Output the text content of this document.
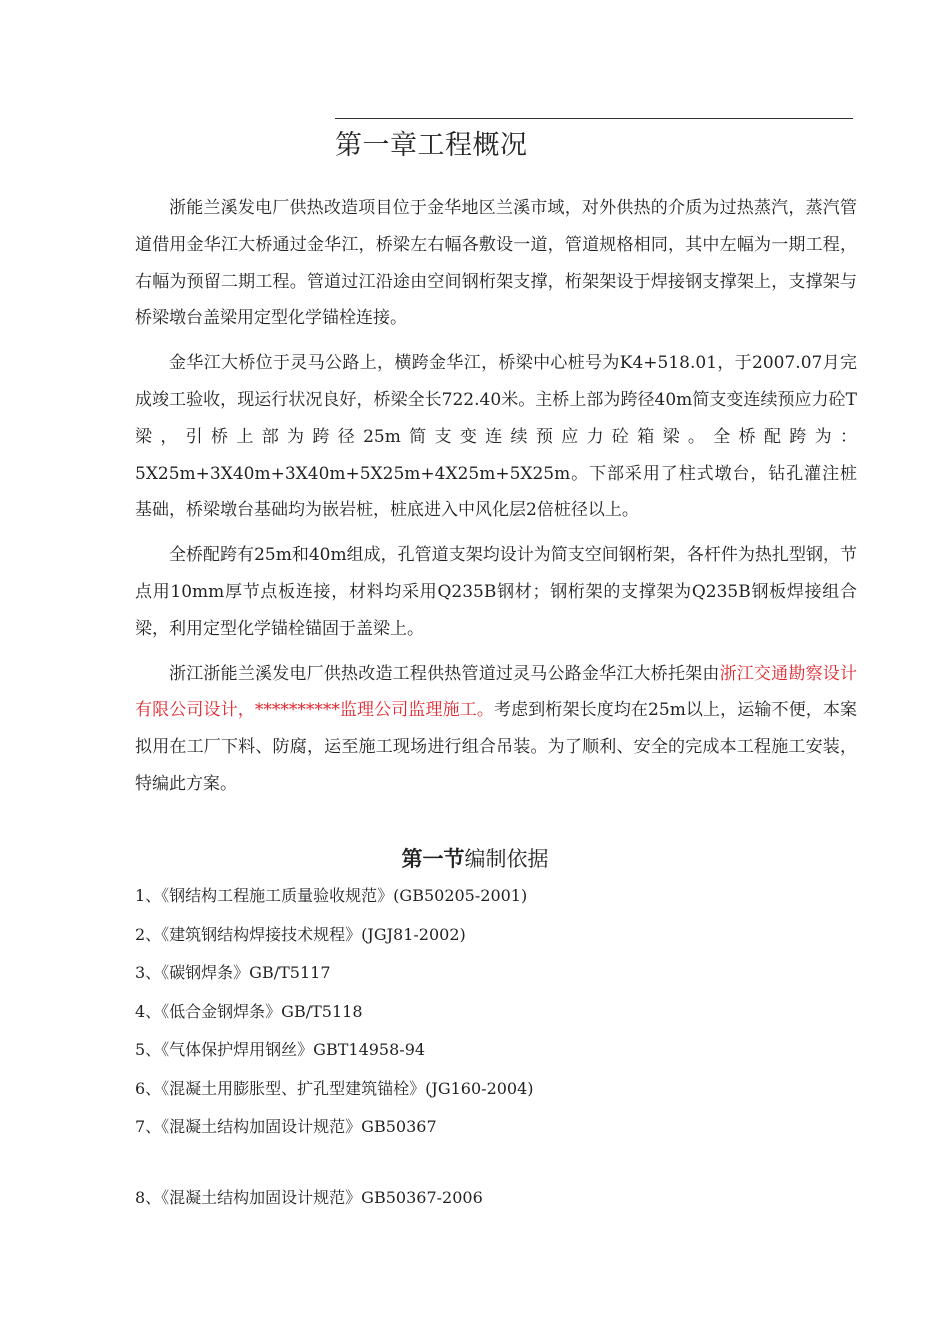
第一章工程概况

浙能兰溪发电厂供热改造项目位于金华地区兰溪市域，对外供热的介质为过热蒸汽，蒸汽管道借用金华江大桥通过金华江，桥梁左右幅各敷设一道，管道规格相同，其中左幅为一期工程，右幅为预留二期工程。管道过江沿途由空间钢桁架支撑，桁架架设于焊接钢支撑架上，支撑架与桥梁墩台盖梁用定型化学锚栓连接。

金华江大桥位于灵马公路上，横跨金华江，桥梁中心桩号为K4+518.01，于2007.07月完成竣工验收，现运行状况良好，桥梁全长722.40米。主桥上部为跨径40m简支变连续预应力砼T梁，引桥上部为跨径25m简支变连续预应力砼箱梁。全桥配跨为：5X25m+3X40m+3X40m+5X25m+4X25m+5X25m。下部采用了柱式墩台，钻孔灌注桩基础，桥梁墩台基础均为嵌岩桩，桩底进入中风化层2倍桩径以上。

全桥配跨有25m和40m组成，孔管道支架均设计为简支空间钢桁架，各杆件为热扎型钢，节点用10mm厚节点板连接，材料均采用Q235B钢材；钢桁架的支撑架为Q235B钢板焊接组合梁，利用定型化学锚栓锚固于盖梁上。

浙江浙能兰溪发电厂供热改造工程供热管道过灵马公路金华江大桥托架由浙江交通勘察设计有限公司设计，**********监理公司监理施工。考虑到桁架长度均在25m以上，运输不便，本案拟用在工厂下料、防腐，运至施工现场进行组合吊装。为了顺利、安全的完成本工程施工安装，特编此方案。

第一节编制依据
1、《钢结构工程施工质量验收规范》(GB50205-2001)
2、《建筑钢结构焊接技术规程》(JGJ81-2002)
3、《碳钢焊条》GB/T5117
4、《低合金钢焊条》GB/T5118
5、《气体保护焊用钢丝》GBT14958-94
6、《混凝土用膨胀型、扩孔型建筑锚栓》(JG160-2004)
7、《混凝土结构加固设计规范》GB50367
8、《混凝土结构加固设计规范》GB50367-2006
